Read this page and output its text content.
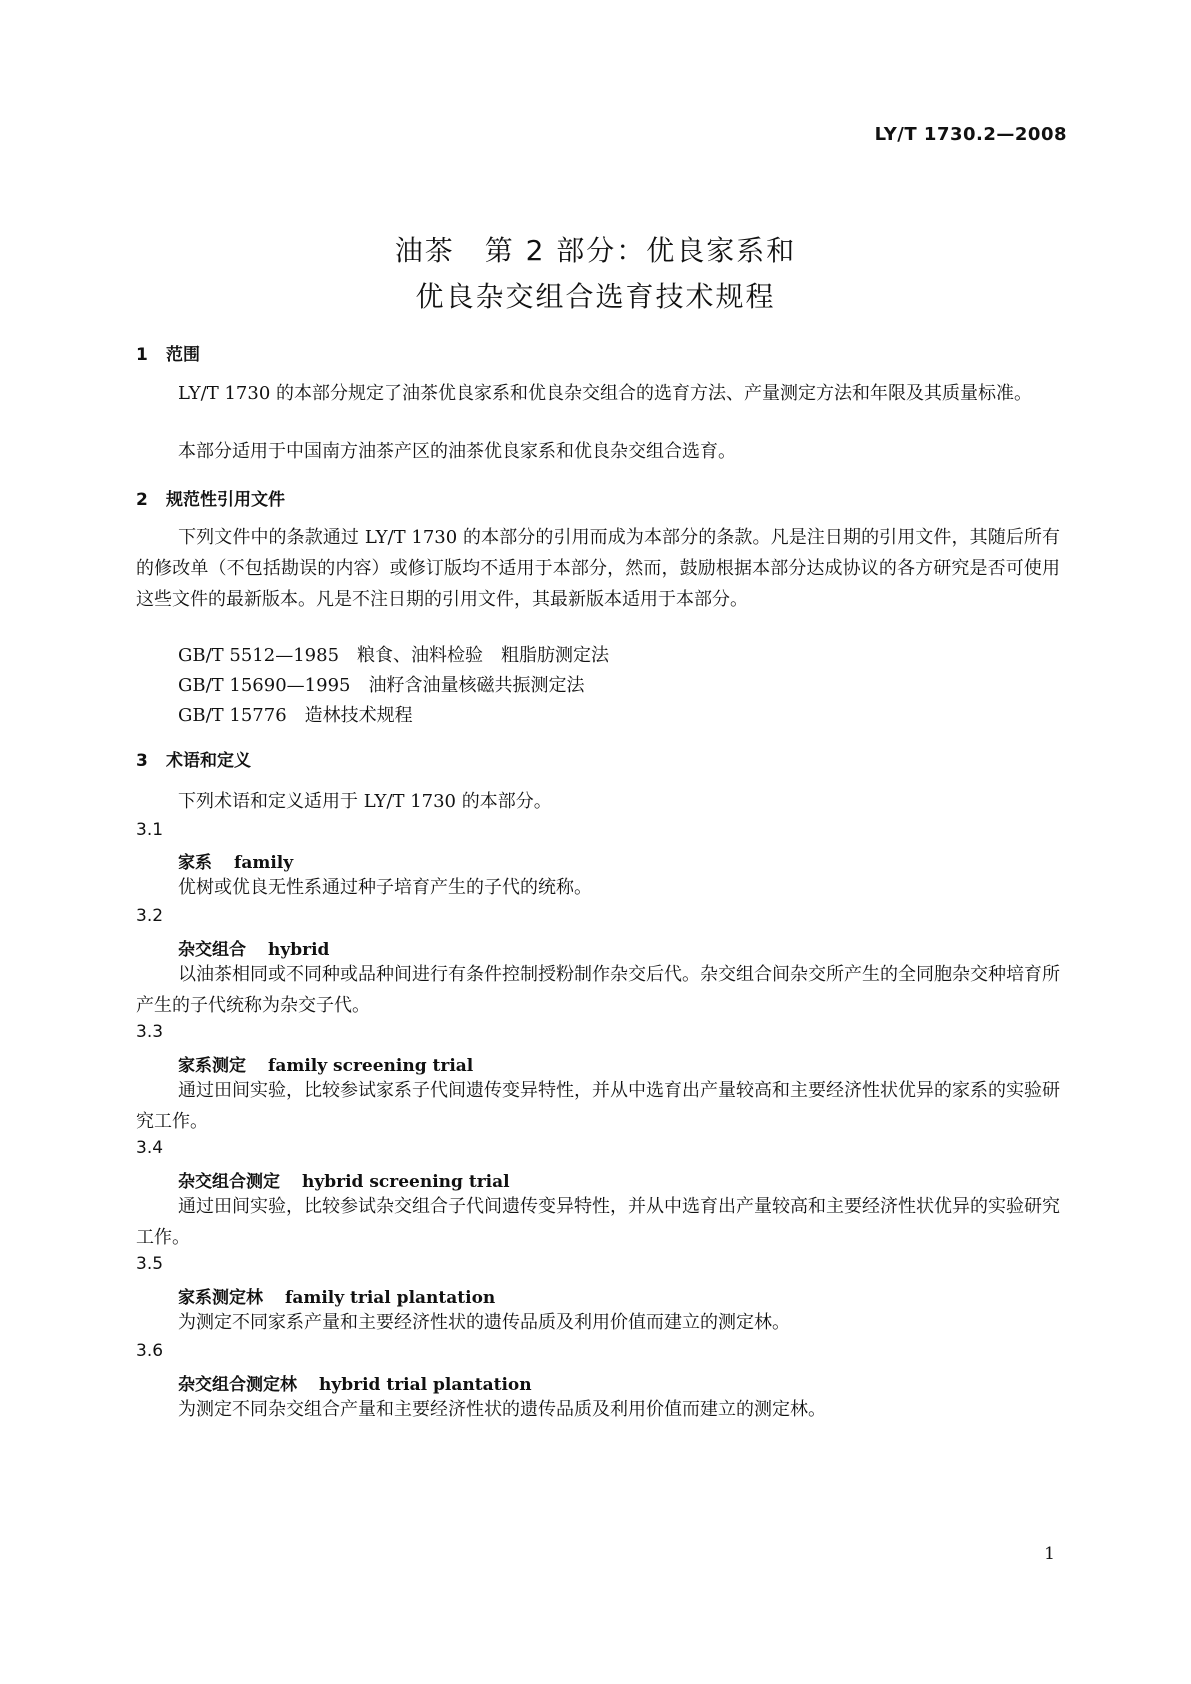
LY/T 1730.2—2008
油茶　第 2 部分：优良家系和
优良杂交组合选育技术规程
1 范围
LY/T 1730 的本部分规定了油茶优良家系和优良杂交组合的选育方法、产量测定方法和年限及其质量标准。
本部分适用于中国南方油茶产区的油茶优良家系和优良杂交组合选育。
2 规范性引用文件
下列文件中的条款通过 LY/T 1730 的本部分的引用而成为本部分的条款。凡是注日期的引用文件，其随后所有的修改单（不包括勘误的内容）或修订版均不适用于本部分，然而，鼓励根据本部分达成协议的各方研究是否可使用这些文件的最新版本。凡是不注日期的引用文件，其最新版本适用于本部分。
GB/T 5512—1985　粮食、油料检验　粗脂肪测定法
GB/T 15690—1995　油籽含油量核磁共振测定法
GB/T 15776　造林技术规程
3 术语和定义
下列术语和定义适用于 LY/T 1730 的本部分。
3.1
家系 family
优树或优良无性系通过种子培育产生的子代的统称。
3.2
杂交组合 hybrid
以油茶相同或不同种或品种间进行有条件控制授粉制作杂交后代。杂交组合间杂交所产生的全同胞杂交种培育所产生的子代统称为杂交子代。
3.3
家系测定 family screening trial
通过田间实验，比较参试家系子代间遗传变异特性，并从中选育出产量较高和主要经济性状优异的家系的实验研究工作。
3.4
杂交组合测定 hybrid screening trial
通过田间实验，比较参试杂交组合子代间遗传变异特性，并从中选育出产量较高和主要经济性状优异的实验研究工作。
3.5
家系测定林 family trial plantation
为测定不同家系产量和主要经济性状的遗传品质及利用价值而建立的测定林。
3.6
杂交组合测定林 hybrid trial plantation
为测定不同杂交组合产量和主要经济性状的遗传品质及利用价值而建立的测定林。
1
